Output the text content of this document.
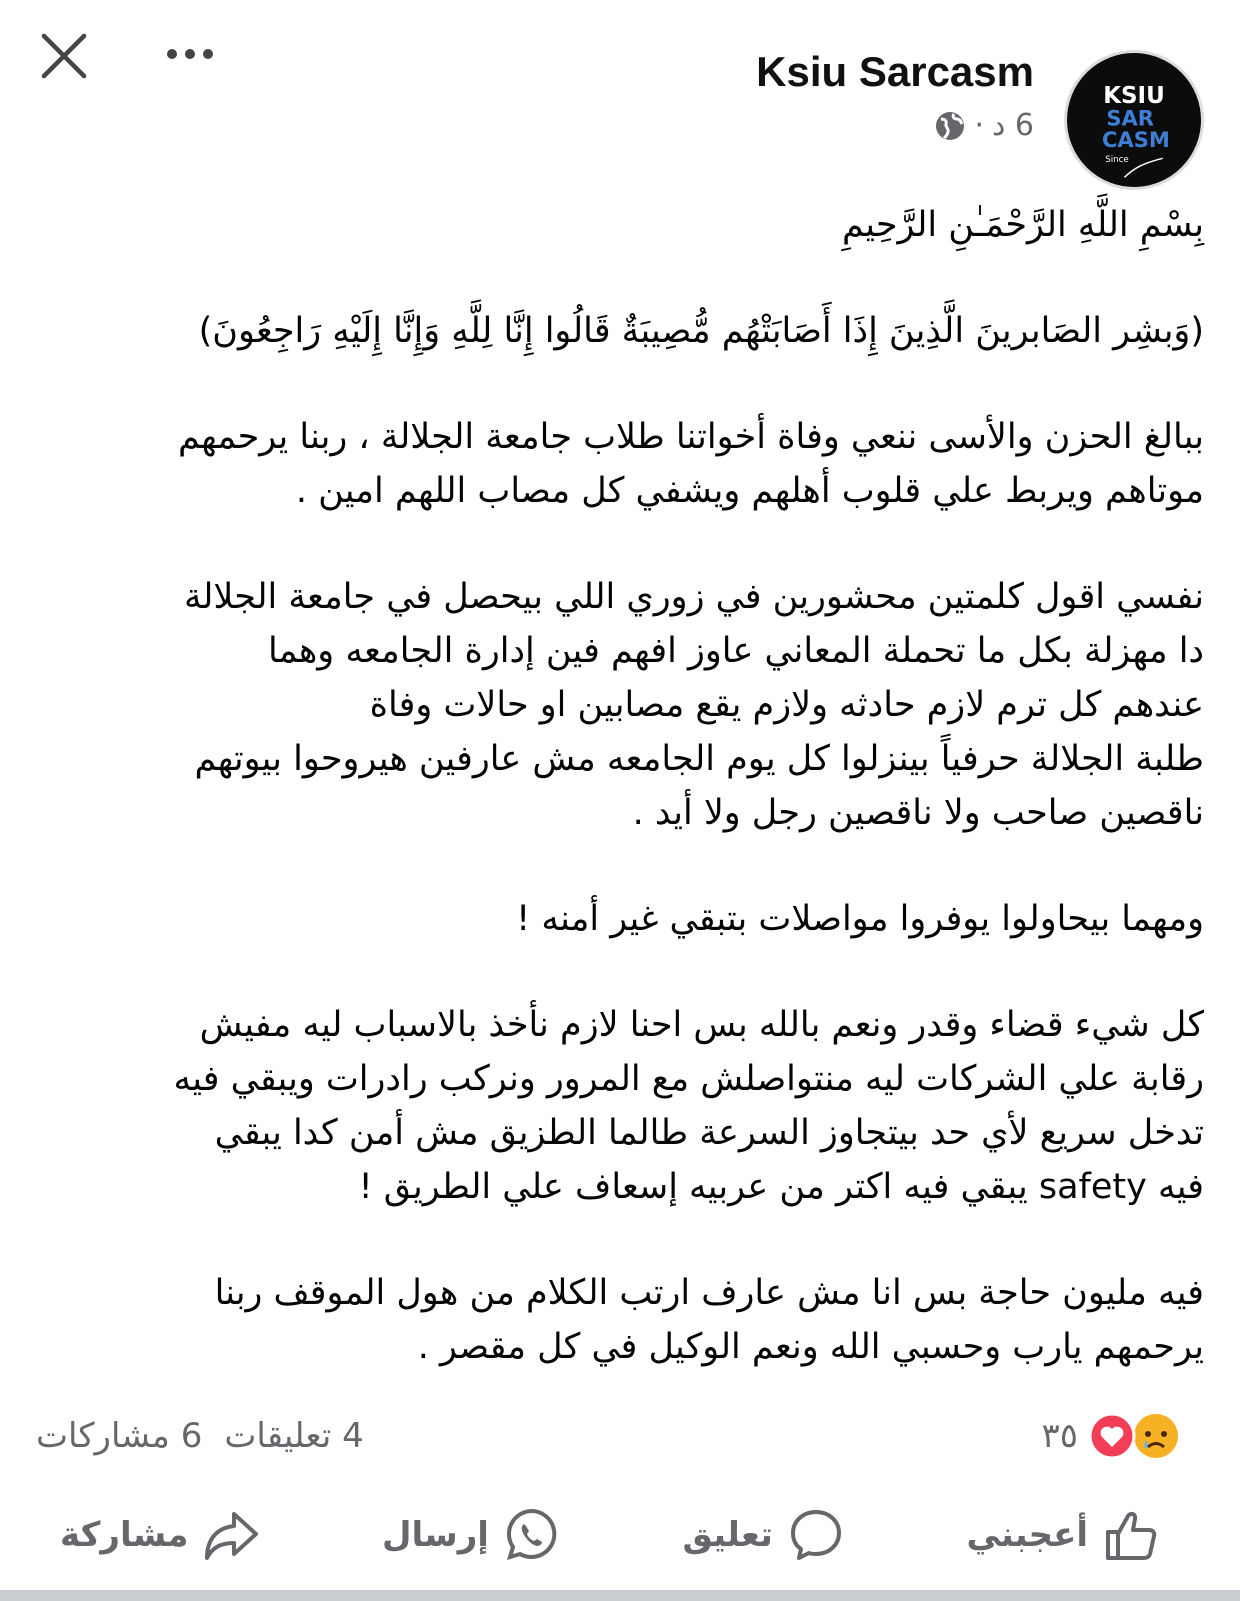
Ksiu Sarcasm
6 د
·
KSIU
SAR
CASM
Since
بِسْمِ اللَّهِ الرَّحْمَـٰنِ الرَّحِيمِ
(وَبشِر الصَابرينَ الَّذِينَ إِذَا أَصَابَتْهُم مُّصِيبَةٌ قَالُوا إِنَّا لِلَّهِ وَإِنَّا إِلَيْهِ رَاجِعُونَ)
ببالغ الحزن والأسى ننعي وفاة أخواتنا طلاب جامعة الجلالة ، ربنا يرحمهم
موتاهم ويربط علي قلوب أهلهم ويشفي كل مصاب اللهم امين .
نفسي اقول كلمتين محشورين في زوري اللي بيحصل في جامعة الجلالة
دا مهزلة بكل ما تحملة المعاني عاوز افهم فين إدارة الجامعه وهما
عندهم كل ترم لازم حادثه ولازم يقع مصابين او حالات وفاة
طلبة الجلالة حرفياً بينزلوا كل يوم الجامعه مش عارفين هيروحوا بيوتهم
ناقصين صاحب ولا ناقصين رجل ولا أيد .
ومهما بيحاولوا يوفروا مواصلات بتبقي غير أمنه !
كل شيء قضاء وقدر ونعم بالله بس احنا لازم نأخذ بالاسباب ليه مفيش
رقابة علي الشركات ليه منتواصلش مع المرور ونركب رادرات ويبقي فيه
تدخل سريع لأي حد بيتجاوز السرعة طالما الطزيق مش أمن كدا يبقي
فيه safety يبقي فيه اكتر من عربيه إسعاف علي الطريق !
فيه مليون حاجة بس انا مش عارف ارتب الكلام من هول الموقف ربنا
يرحمهم يارب وحسبي الله ونعم الوكيل في كل مقصر .
4 تعليقات
6 مشاركات	٣٥
أعجبني
تعليق
إرسال
مشاركة
